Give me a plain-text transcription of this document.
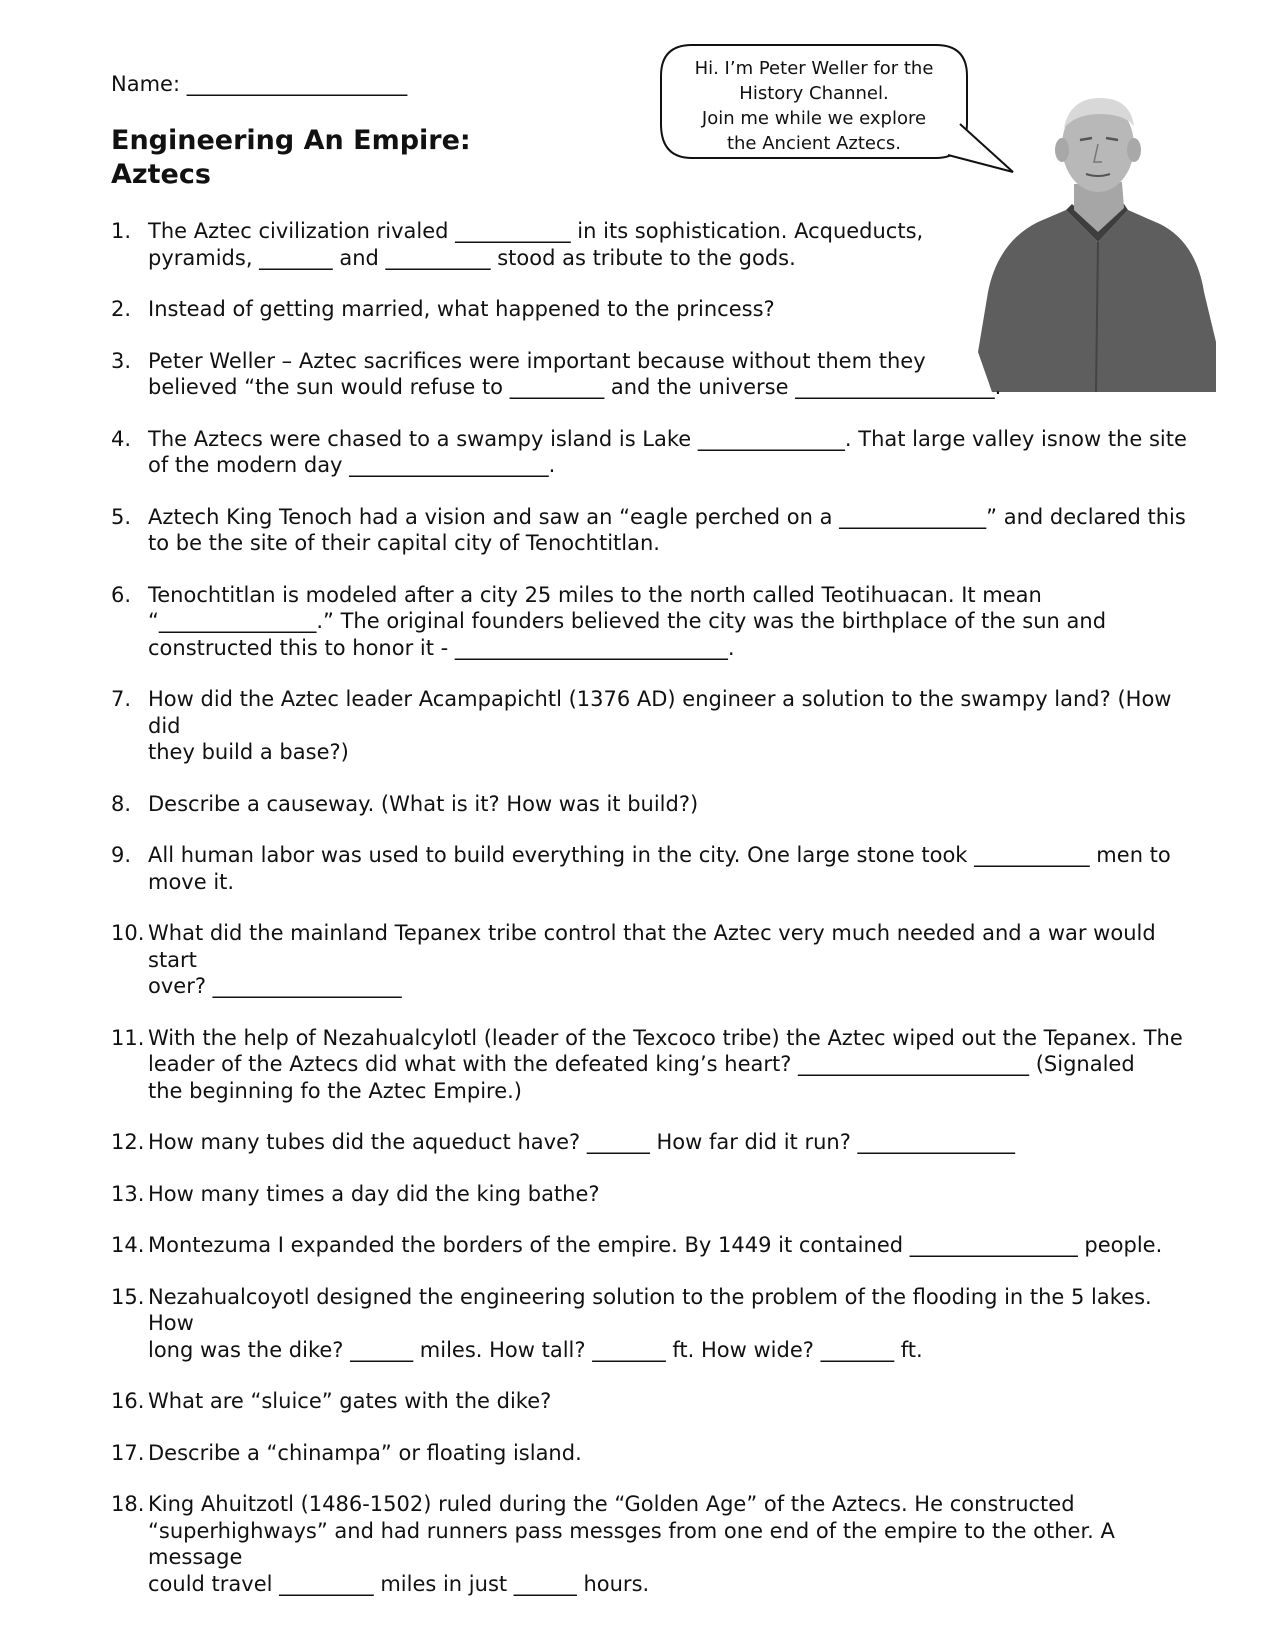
Name: _____________________
Engineering An Empire:
Aztecs
Hi. I’m Peter Weller for the
History Channel.
Join me while we explore
the Ancient Aztecs.
1. The Aztec civilization rivaled ___________ in its sophistication. Acqueducts,
pyramids, _______ and __________ stood as tribute to the gods.
2. Instead of getting married, what happened to the princess?
3. Peter Weller – Aztec sacrifices were important because without them they
believed “the sun would refuse to _________ and the universe ___________________.
4. The Aztecs were chased to a swampy island is Lake ______________. That large valley isnow the site
of the modern day ___________________.
5. Aztech King Tenoch had a vision and saw an “eagle perched on a ______________” and declared this
to be the site of their capital city of Tenochtitlan.
6. Tenochtitlan is modeled after a city 25 miles to the north called Teotihuacan. It mean
“_______________.” The original founders believed the city was the birthplace of the sun and
constructed this to honor it - __________________________.
7. How did the Aztec leader Acampapichtl (1376 AD) engineer a solution to the swampy land? (How did
they build a base?)
8. Describe a causeway. (What is it? How was it build?)
9. All human labor was used to build everything in the city. One large stone took ___________ men to
move it.
10. What did the mainland Tepanex tribe control that the Aztec very much needed and a war would start
over? __________________
11. With the help of Nezahualcylotl (leader of the Texcoco tribe) the Aztec wiped out the Tepanex. The
leader of the Aztecs did what with the defeated king’s heart? ______________________ (Signaled
the beginning fo the Aztec Empire.)
12. How many tubes did the aqueduct have? ______ How far did it run? _______________
13. How many times a day did the king bathe?
14. Montezuma I expanded the borders of the empire. By 1449 it contained ________________ people.
15. Nezahualcoyotl designed the engineering solution to the problem of the flooding in the 5 lakes. How
long was the dike? ______ miles. How tall? _______ ft. How wide? _______ ft.
16. What are “sluice” gates with the dike?
17. Describe a “chinampa” or floating island.
18. King Ahuitzotl (1486-1502) ruled during the “Golden Age” of the Aztecs. He constructed
“superhighways” and had runners pass messges from one end of the empire to the other. A message
could travel _________ miles in just ______ hours.
